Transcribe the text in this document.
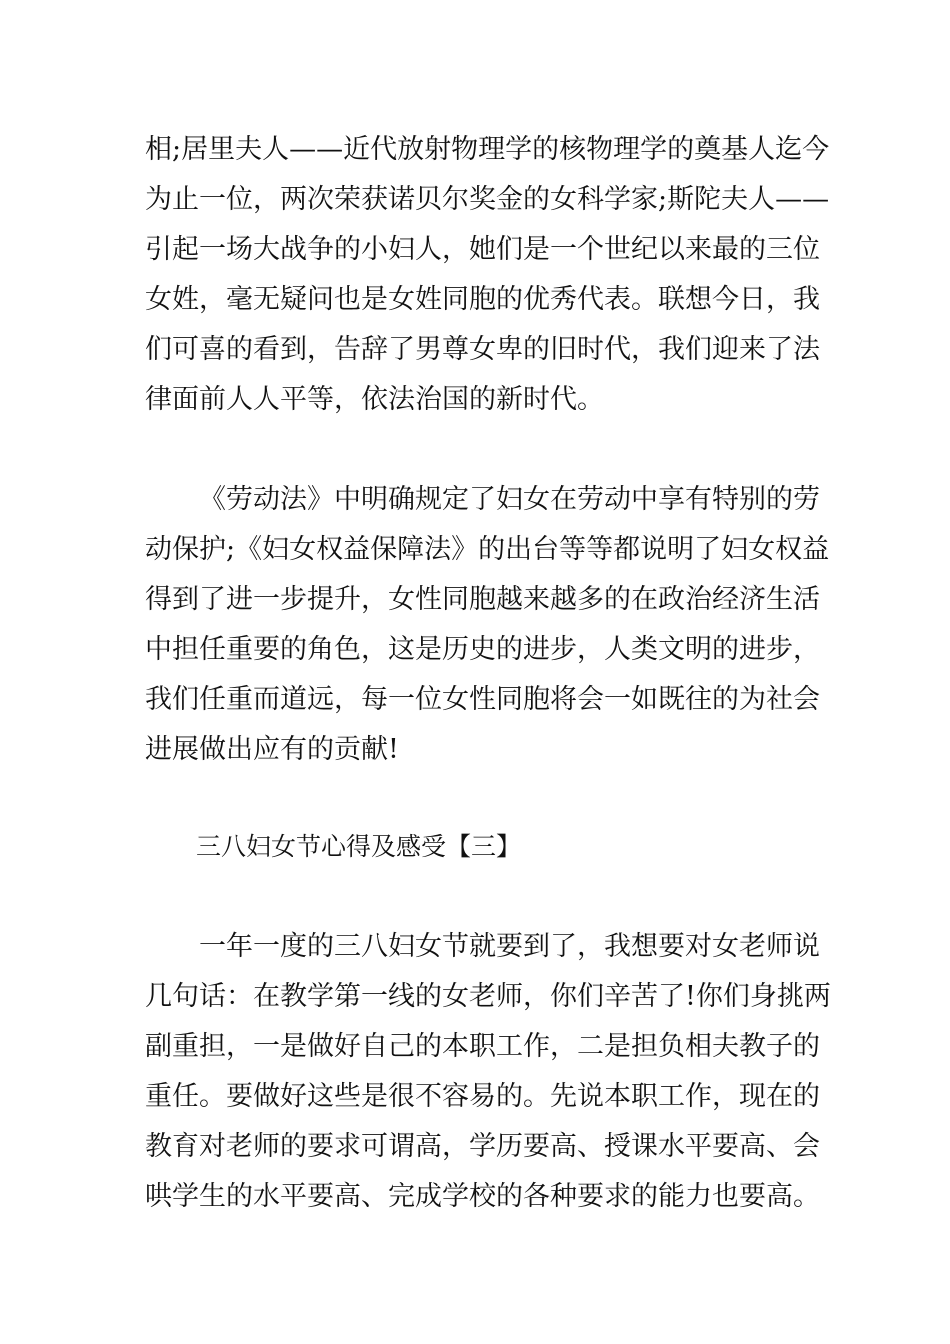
相;居里夫人——近代放射物理学的核物理学的奠基人迄今
为止一位，两次荣获诺贝尔奖金的女科学家;斯陀夫人——
引起一场大战争的小妇人，她们是一个世纪以来最的三位
女姓，毫无疑问也是女姓同胞的优秀代表。联想今日，我
们可喜的看到，告辞了男尊女卑的旧时代，我们迎来了法
律面前人人平等，依法治国的新时代。
《劳动法》中明确规定了妇女在劳动中享有特别的劳
动保护;《妇女权益保障法》的出台等等都说明了妇女权益
得到了进一步提升，女性同胞越来越多的在政治经济生活
中担任重要的角色，这是历史的进步，人类文明的进步，
我们任重而道远，每一位女性同胞将会一如既往的为社会
进展做出应有的贡献!
三八妇女节心得及感受【三】
一年一度的三八妇女节就要到了，我想要对女老师说
几句话：在教学第一线的女老师，你们辛苦了!你们身挑两
副重担，一是做好自己的本职工作，二是担负相夫教子的
重任。要做好这些是很不容易的。先说本职工作，现在的
教育对老师的要求可谓高，学历要高、授课水平要高、会
哄学生的水平要高、完成学校的各种要求的能力也要高。
